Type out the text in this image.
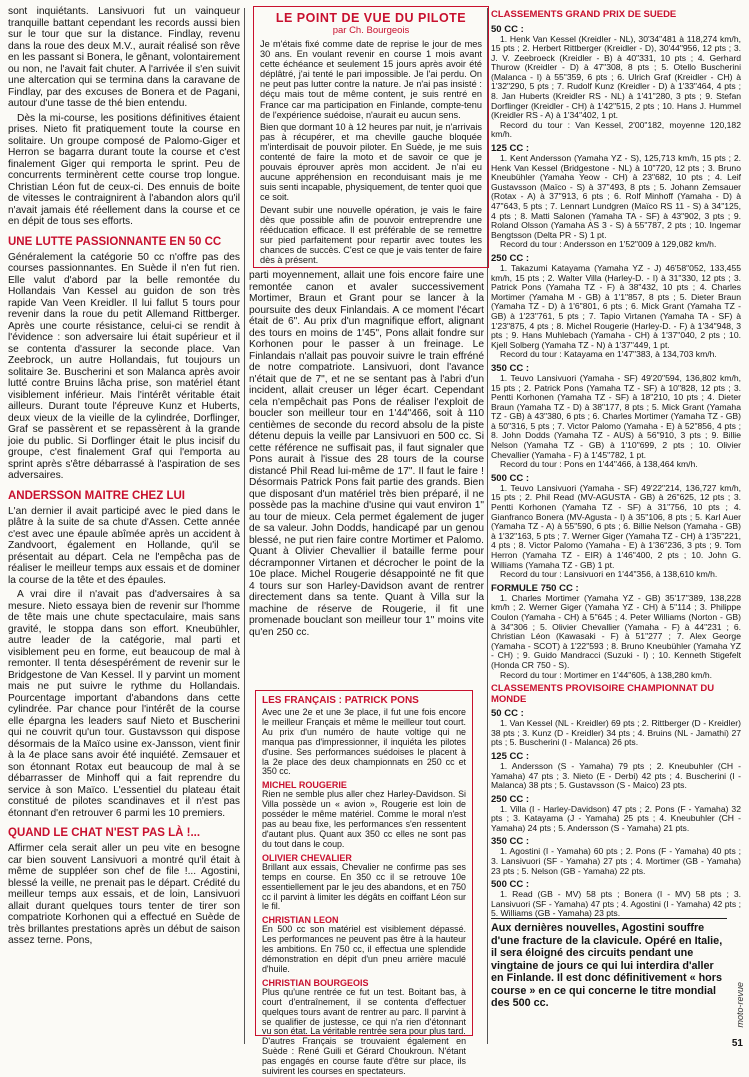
sont inquiétants. Lansivuori fut un vainqueur tranquille battant cependant les records aussi bien sur le tour que sur la distance. Findlay, revenu dans la roue des deux M.V., aurait réalisé son rêve en les passant si Bonera, le gênant, volontairement ou non, ne l'avait fait chuter. A l'arrivée il s'en suivit une altercation qui se termina dans la caravane de Findlay, par des excuses de Bonera et de Pagani, autour d'une tasse de thé bien entendu.

Dès la mi-course, les positions définitives étaient prises. Nieto fit pratiquement toute la course en solitaire. Un groupe composé de Palomo-Giger et Herron se bagarra durant toute la course et c'est finalement Giger qui remporta le sprint. Peu de concurrents terminèrent cette course trop longue. Christian Léon fut de ceux-ci. Des ennuis de boite de vitesses le contraignirent à l'abandon alors qu'il n'avait jamais été réellement dans la course et ce en dépit de tous ses efforts.

UNE LUTTE PASSIONNANTE EN 50 CC

Généralement la catégorie 50 cc n'offre pas des courses passionnantes. En Suède il n'en fut rien. Elle valut d'abord par la belle remontée du Hollandais Van Kessel au guidon de son très rapide Van Veen Kreidler. Il lui fallut 5 tours pour revenir dans la roue du petit Allemand Rittberger. Après une courte résistance, celui-ci se rendit à l'évidence : son adversaire lui était supérieur et il se contenta d'assurer la seconde place. Van Zeebrock, un autre Hollandais, fut toujours un solitaire 3e. Buscherini et son Malanca après avoir lutté contre Bruins lâcha prise, son matériel étant visiblement inférieur. Mais l'intérêt véritable était ailleurs. Durant toute l'épreuve Kunz et Huberts, deux vieux de la vieille de la cylindrée, Dorflinger, Graf se passèrent et se repassèrent à la grande joie du public. Si Dorflinger était le plus incisif du groupe, c'est finalement Graf qui l'emporta au sprint après s'être débarrassé à l'aspiration de ses adversaires.

ANDERSSON MAITRE CHEZ LUI

L'an dernier il avait participé avec le pied dans le plâtre à la suite de sa chute d'Assen. Cette année c'est avec une épaule abîmée après un accident à Zandvoort, également en Hollande, qu'il se présentait au départ. Cela ne l'empêcha pas de réaliser le meilleur temps aux essais et de dominer la course de la tête et des épaules.

A vrai dire il n'avait pas d'adversaires à sa mesure. Nieto essaya bien de revenir sur l'homme de tête mais une chute spectaculaire, mais sans gravité, le stoppa dans son effort. Kneubühler, autre leader de la catégorie, mal parti et visiblement peu en forme, eut beaucoup de mal à remonter. Il tenta désespérément de revenir sur le Bridgestone de Van Kessel. Il y parvint un moment mais ne put suivre le rythme du Hollandais. Pourcentage important d'abandons dans cette cylindrée. Par chance pour l'intérêt de la course elle épargna les leaders sauf Nieto et Buscherini qui ne couvrit qu'un tour. Gustavsson qui dispose désormais de la Maïco usine ex-Jansson, vient finir à la 4e place sans avoir été inquiété. Zemsauer et son étonnant Rotax eut beaucoup de mal à se débarrasser de Minhoff qui a fait reprendre du service à son Maïco. L'essentiel du plateau était constitué de pilotes scandinaves et il n'est pas étonnant d'en retrouver 6 parmi les 10 premiers.

QUAND LE CHAT N'EST PAS LÀ !...

Affirmer cela serait aller un peu vite en besogne car bien souvent Lansivuori a montré qu'il était à même de suppléer son chef de file !... Agostini, blessé la veille, ne prenait pas le départ. Crédité du meilleur temps aux essais, et de loin, Lansivuori allait durant quelques tours tenter de tirer son compatriote Korhonen qui a effectué en Suède de très brillantes prestations après un début de saison assez terne. Pons,

LE POINT DE VUE DU PILOTE
par Ch. Bourgeois

Je m'étais fixé comme date de reprise le jour de mes 30 ans. En voulant revenir en course 1 mois avant cette échéance et seulement 15 jours après avoir été déplâtré, j'ai tenté le pari impossible. Je l'ai perdu. On ne peut pas lutter contre la nature. Je n'ai pas insisté : déçu mais tout de même content, je suis rentré en France car ma participation en Finlande, compte-tenu de l'expérience suédoise, n'aurait eu aucun sens.

Bien que dormant 10 à 12 heures par nuit, je n'arrivais pas à récupérer, et ma cheville gauche bloquée m'interdisait de pouvoir piloter. En Suède, je me suis contenté de faire la moto et de savoir ce que je pouvais éprouver après mon accident. Je n'ai eu aucune appréhension en reconduisant mais je me suis senti incapable, physiquement, de tenter quoi que ce soit.

Devant subir une nouvelle opération, je vais le faire dès que possible afin de pouvoir entreprendre une rééducation efficace. Il est préférable de se remettre sur pied parfaitement pour repartir avec toutes les chances de succès. C'est ce que je vais tenter de faire dès à présent.

parti moyennement, allait une fois encore faire une remontée canon et avaler successivement Mortimer, Braun et Grant pour se lancer à la poursuite des deux Finlandais. A ce moment l'écart était de 6". Au prix d'un magnifique effort, alignant des tours en moins de 1'45", Pons allait fondre sur Korhonen pour le passer à un freinage. Le Finlandais n'allait pas pouvoir suivre le train effréné de notre compatriote. Lansivuori, dont l'avance n'était que de 7", et ne se sentant pas à l'abri d'un incident, allait creuser un léger écart. Cependant cela n'empêchait pas Pons de réaliser l'exploit de boucler son meilleur tour en 1'44"466, soit à 110 centièmes de seconde du record absolu de la piste détenu depuis la veille par Lansivuori en 500 cc. Si cette référence ne suffisait pas, il faut signaler que Pons aurait à l'issue des 28 tours de la course distancé Phil Read lui-même de 17". Il faut le faire ! Désormais Patrick Pons fait partie des grands. Bien que disposant d'un matériel très bien préparé, il ne possède pas la machine d'usine qui vaut environ 1" au tour de mieux. Cela permet également de juger de sa valeur. John Dodds, handicapé par un genou blessé, ne put rien faire contre Mortimer et Palomo. Quant à Olivier Chevallier il bataille ferme pour décramponner Virtanen et décrocher le point de la 10e place. Michel Rougerie désappointé ne fit que 4 tours sur son Harley-Davidson avant de rentrer directement dans sa tente. Quant à Villa sur la machine de réserve de Rougerie, il fit une promenade bouclant son meilleur tour 1" moins vite qu'en 250 cc.

LES FRANÇAIS : PATRICK PONS

Avec une 2e et une 3e place, il fut une fois encore le meilleur Français et même le meilleur tout court. Au prix d'un numéro de haute voltige qui ne manqua pas d'impressionner, il inquiéta les pilotes d'usine. Ses performances suédoises le placent à la 2e place des deux championnats en 250 cc et 350 cc.

MICHEL ROUGERIE

Rien ne semble plus aller chez Harley-Davidson. Si Villa possède un « avion », Rougerie est loin de posséder le même matériel. Comme le moral n'est pas au beau fixe, les performances s'en ressentent d'autant plus. Quant aux 350 cc elles ne sont pas du tout dans le coup.

OLIVIER CHEVALIER

Brillant aux essais, Chevalier ne confirme pas ses temps en course. En 350 cc il se retrouve 10e essentiellement par le jeu des abandons, et en 750 cc il parvint à limiter les dégâts en coiffant Léon sur le fil.

CHRISTIAN LEON

En 500 cc son matériel est visiblement dépassé. Les performances ne peuvent pas être à la hauteur les ambitions. En 750 cc, il effectua une splendide démonstration en dépit d'un pneu arrière maculé d'huile.

CHRISTIAN BOURGEOIS

Plus qu'une rentrée ce fut un test. Boitant bas, à court d'entraînement, il se contenta d'effectuer quelques tours avant de rentrer au parc. Il parvint à se qualifier de justesse, ce qui n'a rien d'étonnant vu son état. La véritable rentrée sera pour plus tard.

D'autres Français se trouvaient également en Suède : René Guili et Gérard Choukroun. N'étant pas engagés en course faute d'être sur place, ils suivirent les courses en spectateurs.

CLASSEMENTS GRAND PRIX DE SUEDE
50 CC :

1. Henk Van Kessel (Kreidler - NL), 30'34"481 à 118,274 km/h, 15 pts ; 2. Herbert Rittberger (Kreidler - D), 30'44"956, 12 pts ; 3. J. V. Zeebroeck (Kreidler - B) à 40"331, 10 pts ; 4. Gerhard Thurow (Kreidler - D) à 47"308, 8 pts ; 5. Otello Buscherini (Malanca - I) à 55"359, 6 pts ; 6. Ulrich Graf (Kreidler - CH) à 1'32"290, 5 pts ; 7. Rudolf Kunz (Kreidler - D) à 1'33"464, 4 pts ; 8. Jan Huberts (Kreidler RS - NL) à 1'41"280, 3 pts ; 9. Stefan Dorflinger (Kreidler - CH) à 1'42"515, 2 pts ; 10. Hans J. Hummel (Kreidler RS - A) à 1'34"402, 1 pt.

Record du tour : Van Kessel, 2'00"182, moyenne 120,182 km/h.

125 CC :

1. Kent Andersson (Yamaha YZ - S), 125,713 km/h, 15 pts ; 2. Henk Van Kessel (Bridgestone - NL) à 10"720, 12 pts ; 3. Bruno Kneubühler (Yamaha Yeow - CH) à 23"682, 10 pts ; 4. Leif Gustavsson (Maïco - S) à 37"493, 8 pts ; 5. Johann Zemsauer (Rotax - A) à 37"913, 6 pts ; 6. Rolf Minhoff (Yamaha - D) à 47"643, 5 pts ; 7. Lennart Lundgren (Maïco RS 11 - S) à 34"125, 4 pts ; 8. Matti Salonen (Yamaha TA - SF) à 43"902, 3 pts ; 9. Roland Olsson (Yamaha AS 3 - S) à 55"787, 2 pts ; 10. Ingemar Bengtsson (Delta PR - S) 1 pt.

Record du tour : Andersson en 1'52"009 à 129,082 km/h.

250 CC :

1. Takazumi Katayama (Yamaha YZ - J) 46'58"052, 133,455 km/h, 15 pts ; 2. Walter Villa (Harley-D. - I) à 31"330, 12 pts ; 3. Patrick Pons (Yamaha TZ - F) à 38"432, 10 pts ; 4. Charles Mortimer (Yamaha M - GB) à 1'1"857, 8 pts ; 5. Dieter Braun (Yamaha TZ - D) à 1'6"801, 6 pts ; 6. Mick Grant (Yamaha TZ - GB) à 1'23"761, 5 pts ; 7. Tapio Virtanen (Yamaha TA - SF) à 1'23"875, 4 pts ; 8. Michel Rougerie (Harley-D. - F) à 1'34"948, 3 pts ; 9. Hans Muhlebach (Yamaha - CH) à 1'37"040, 2 pts ; 10. Kjell Solberg (Yamaha TZ - N) à 1'37"449, 1 pt.

Record du tour : Katayama en 1'47"383, à 134,703 km/h.

350 CC :

1. Teuvo Lansivuori (Yamaha - SF) 49'20"594, 136,802 km/h, 15 pts ; 2. Patrick Pons (Yamaha TZ - SF) à 10"828, 12 pts ; 3. Pentti Korhonen (Yamaha TZ - SF) à 18"210, 10 pts ; 4. Dieter Braun (Yamaha TZ - D) à 38"177, 8 pts ; 5. Mick Grant (Yamaha TZ - GB) à 43"380, 6 pts ; 6. Charles Mortimer (Yamaha TZ - GB) à 50"316, 5 pts ; 7. Victor Palomo (Yamaha - E) à 52"856, 4 pts ; 8. John Dodds (Yamaha TZ - AUS) à 56"910, 3 pts ; 9. Billie Nelson (Yamaha TZ - GB) à 1'10"699, 2 pts ; 10. Olivier Chevallier (Yamaha - F) à 1'45"782, 1 pt.

Record du tour : Pons en 1'44"466, à 138,464 km/h.

500 CC :

1. Teuvo Lansivuori (Yamaha - SF) 49'22"214, 136,727 km/h, 15 pts ; 2. Phil Read (MV-AGUSTA - GB) à 26"625, 12 pts ; 3. Pentti Korhonen (Yamaha TZ - SF) à 31"756, 10 pts ; 4. Gianfranco Bonera (MV-Agusta - I) à 35"106, 8 pts ; 5. Karl Auer (Yamaha TZ - A) à 55"590, 6 pts ; 6. Billie Nelson (Yamaha - GB) à 1'32"163, 5 pts ; 7. Werner Giger (Yamaha TZ - CH) à 1'35"221, 4 pts ; 8. Victor Palomo (Yamaha - E) à 1'36"236, 3 pts ; 9. Tom Herron (Yamaha TZ - EIR) à 1'46"400, 2 pts ; 10. John G. Williams (Yamaha TZ - GB) 1 pt.

Record du tour : Lansivuori en 1'44"356, à 138,610 km/h.

FORMULE 750 CC :

1. Charles Mortimer (Yamaha YZ - GB) 35'17"389, 138,228 km/h ; 2. Werner Giger (Yamaha YZ - CH) à 5"114 ; 3. Philippe Coulon (Yamaha - CH) à 5"645 ; 4. Peter Williams (Norton - GB) à 34"306 ; 5. Olivier Chevallier (Yamaha - F) à 44"231 ; 6. Christian Léon (Kawasaki - F) à 51"277 ; 7. Alex George (Yamaha - SCOT) à 1'22"593 ; 8. Bruno Kneubühler (Yamaha YZ - CH) ; 9. Guido Mandracci (Suzuki - I) ; 10. Kenneth Stigefelt (Honda CR 750 - S).

Record du tour : Mortimer en 1'44"605, à 138,280 km/h.

CLASSEMENTS PROVISOIRE CHAMPIONNAT DU MONDE
50 CC :

1. Van Kessel (NL - Kreidler) 69 pts ; 2. Rittberger (D - Kreidler) 38 pts ; 3. Kunz (D - Kreidler) 34 pts ; 4. Bruins (NL - Jamathi) 27 pts ; 5. Buscherini (I - Malanca) 26 pts.

125 CC :

1. Andersson (S - Yamaha) 79 pts ; 2. Kneubuhler (CH - Yamaha) 47 pts ; 3. Nieto (E - Derbi) 42 pts ; 4. Buscherini (I - Malanca) 38 pts ; 5. Gustavsson (S - Maico) 23 pts.

250 CC :

1. Villa (I - Harley-Davidson) 47 pts ; 2. Pons (F - Yamaha) 32 pts ; 3. Katayama (J - Yamaha) 25 pts ; 4. Kneubuhler (CH - Yamaha) 24 pts ; 5. Andersson (S - Yamaha) 21 pts.

350 CC :

1. Agostini (I - Yamaha) 60 pts ; 2. Pons (F - Yamaha) 40 pts ; 3. Lansivuori (SF - Yamaha) 27 pts ; 4. Mortimer (GB - Yamaha) 23 pts ; 5. Nelson (GB - Yamaha) 22 pts.

500 CC :

1. Read (GB - MV) 58 pts ; Bonera (I - MV) 58 pts ; 3. Lansivuori (SF - Yamaha) 47 pts ; 4. Agostini (I - Yamaha) 42 pts ; 5. Williams (GB - Yamaha) 23 pts.

Aux dernières nouvelles, Agostini souffre d'une fracture de la clavicule. Opéré en Italie, il sera éloigné des circuits pendant une vingtaine de jours ce qui lui interdira d'aller en Finlande. Il est donc définitivement « hors course » en ce qui concerne le titre mondial des 500 cc.	moto-revue
51
